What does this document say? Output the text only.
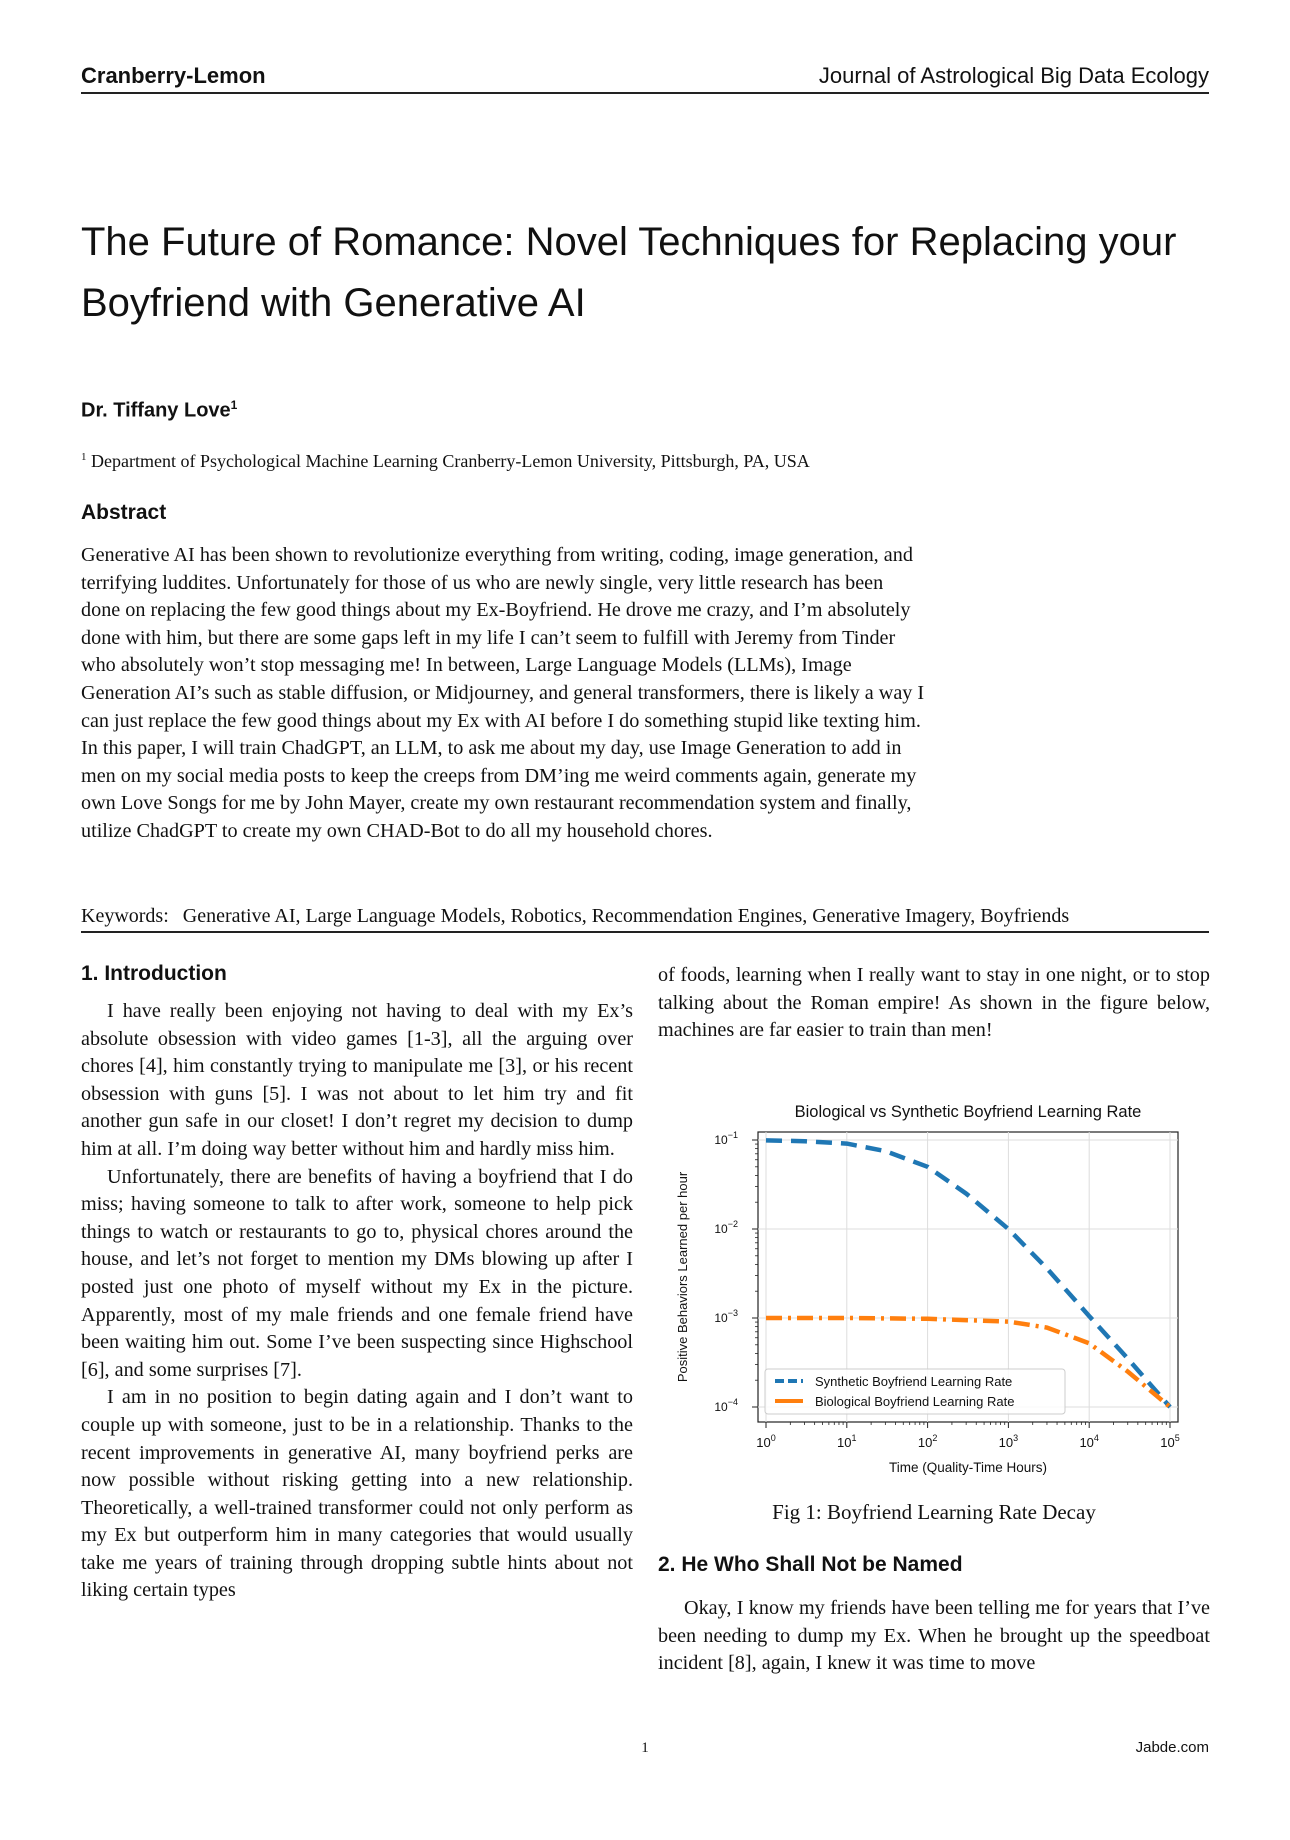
Cranberry-Lemon	Journal of Astrological Big Data Ecology
The Future of Romance: Novel Techniques for Replacing your Boyfriend with Generative AI
Dr. Tiffany Love$^1$
$^1$ Department of Psychological Machine Learning Cranberry-Lemon University, Pittsburgh, PA, USA
Abstract

Generative AI has been shown to revolutionize everything from writing, coding, image generation, and terrifying luddites. Unfortunately for those of us who are newly single, very little research has been done on replacing the few good things about my Ex-Boyfriend. He drove me crazy, and I’m absolutely done with him, but there are some gaps left in my life I can’t seem to fulfill with Jeremy from Tinder who absolutely won’t stop messaging me! In between, Large Language Models (LLMs), Image Generation AI’s such as stable diffusion, or Midjourney, and general transformers, there is likely a way I can just replace the few good things about my Ex with AI before I do something stupid like texting him. In this paper, I will train ChadGPT, an LLM, to ask me about my day, use Image Generation to add in men on my social media posts to keep the creeps from DM’ing me weird comments again, generate my own Love Songs for me by John Mayer, create my own restaurant recommendation system and finally, utilize ChadGPT to create my own CHAD-Bot to do all my household chores.

Keywords: Generative AI, Large Language Models, Robotics, Recommendation Engines, Generative Imagery, Boyfriends
1. Introduction

I have really been enjoying not having to deal with my Ex’s absolute obsession with video games [1-3], all the arguing over chores [4], him constantly trying to manipulate me [3], or his recent obsession with guns [5]. I was not about to let him try and fit another gun safe in our closet! I don’t regret my decision to dump him at all. I’m doing way better without him and hardly miss him.

Unfortunately, there are benefits of having a boyfriend that I do miss; having someone to talk to after work, someone to help pick things to watch or restaurants to go to, physical chores around the house, and let’s not forget to mention my DMs blowing up after I posted just one photo of myself without my Ex in the picture. Apparently, most of my male friends and one female friend have been waiting him out. Some I’ve been suspecting since Highschool [6], and some surprises [7].

I am in no position to begin dating again and I don’t want to couple up with someone, just to be in a relationship. Thanks to the recent improvements in generative AI, many boyfriend perks are now possible without risking getting into a new relationship. Theoretically, a well-trained transformer could not only perform as my Ex but outperform him in many categories that would usually take me years of training through dropping subtle hints about not liking certain types

of foods, learning when I really want to stay in one night, or to stop talking about the Roman empire! As shown in the figure below, machines are far easier to train than men!

Biological vs Synthetic Boyfriend Learning Rate
$10^0$	$10^1$	$10^2$	$10^3$	$10^4$	$10^5$
$10^{-1}$
$10^{-2}$
$10^{-3}$
$10^{-4}$
Synthetic Boyfriend Learning Rate
Biological Boyfriend Learning Rate
Time (Quality-Time Hours)
Positive Behaviors Learned per hour
Fig 1: Boyfriend Learning Rate Decay
2. He Who Shall Not be Named

Okay, I know my friends have been telling me for years that I’ve been needing to dump my Ex. When he brought up the speedboat incident [8], again, I knew it was time to move

1	Jabde.com
